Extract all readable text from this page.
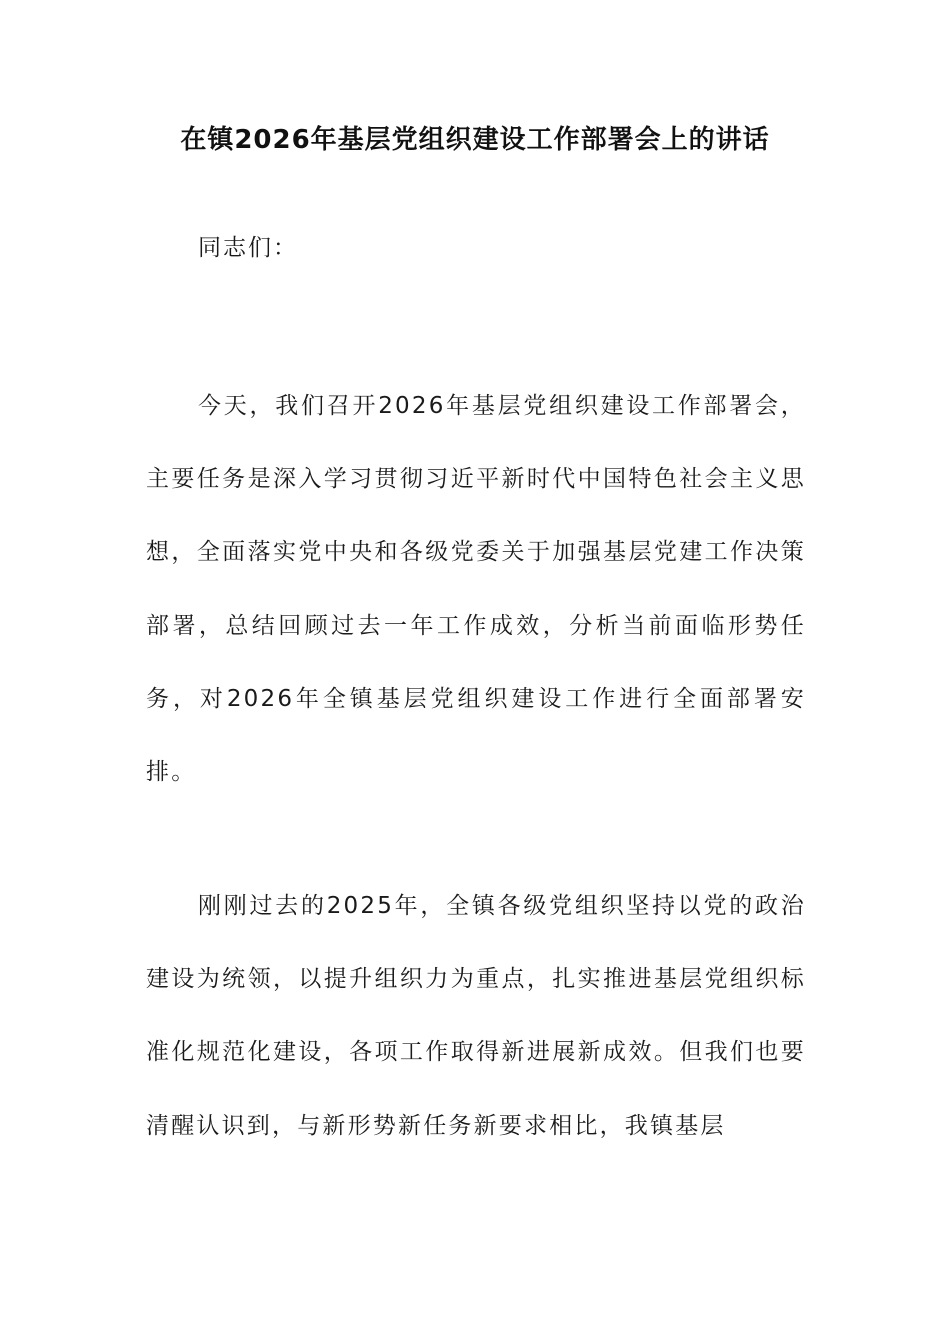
在镇2026年基层党组织建设工作部署会上的讲话
同志们：

今天，我们召开2026年基层党组织建设工作部署会，主要任务是深入学习贯彻习近平新时代中国特色社会主义思想，全面落实党中央和各级党委关于加强基层党建工作决策部署，总结回顾过去一年工作成效，分析当前面临形势任务，对2026年全镇基层党组织建设工作进行全面部署安排。

刚刚过去的2025年，全镇各级党组织坚持以党的政治建设为统领，以提升组织力为重点，扎实推进基层党组织标准化规范化建设，各项工作取得新进展新成效。但我们也要清醒认识到，与新形势新任务新要求相比，我镇基层
